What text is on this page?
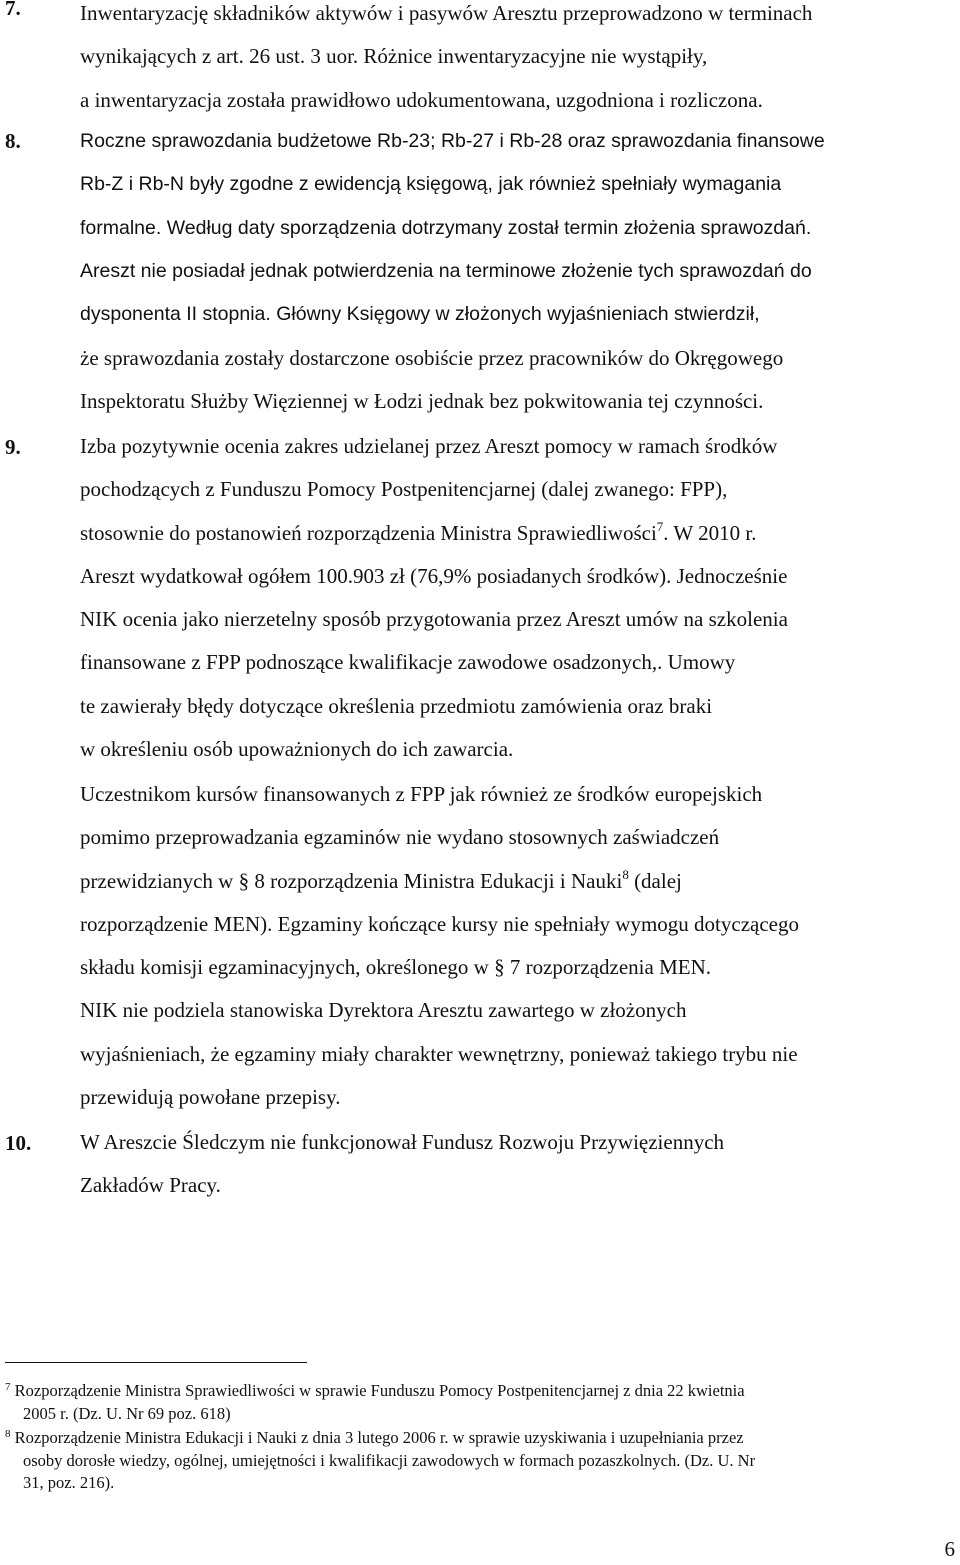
7.	Inwentaryzację składników aktywów i pasywów Aresztu przeprowadzono w terminach
wynikających z art. 26 ust. 3 uor. Różnice inwentaryzacyjne nie wystąpiły,
a inwentaryzacja została prawidłowo udokumentowana, uzgodniona i rozliczona.
8.	Roczne sprawozdania budżetowe Rb-23; Rb-27 i Rb-28 oraz sprawozdania finansowe
Rb-Z i Rb-N były zgodne z ewidencją księgową, jak również spełniały wymagania
formalne. Według daty sporządzenia dotrzymany został termin złożenia sprawozdań.
Areszt nie posiadał jednak potwierdzenia na terminowe złożenie tych sprawozdań do
dysponenta II stopnia. Główny Księgowy w złożonych wyjaśnieniach stwierdził,
że sprawozdania zostały dostarczone osobiście przez pracowników do Okręgowego
Inspektoratu Służby Więziennej w Łodzi jednak bez pokwitowania tej czynności.
9.	Izba pozytywnie ocenia zakres udzielanej przez Areszt pomocy w ramach środków
pochodzących z Funduszu Pomocy Postpenitencjarnej (dalej zwanego: FPP),
stosownie do postanowień rozporządzenia Ministra Sprawiedliwości$^7$. W 2010 r.
Areszt wydatkował ogółem 100.903 zł (76,9% posiadanych środków). Jednocześnie
NIK ocenia jako nierzetelny sposób przygotowania przez Areszt umów na szkolenia
finansowane z FPP podnoszące kwalifikacje zawodowe osadzonych,. Umowy
te zawierały błędy dotyczące określenia przedmiotu zamówienia oraz braki
w określeniu osób upoważnionych do ich zawarcia.
Uczestnikom kursów finansowanych z FPP jak również ze środków europejskich
pomimo przeprowadzania egzaminów nie wydano stosownych zaświadczeń
przewidzianych w § 8 rozporządzenia Ministra Edukacji i Nauki$^8$ (dalej
rozporządzenie MEN). Egzaminy kończące kursy nie spełniały wymogu dotyczącego
składu komisji egzaminacyjnych, określonego w § 7 rozporządzenia MEN.
NIK nie podziela stanowiska Dyrektora Aresztu zawartego w złożonych
wyjaśnieniach, że egzaminy miały charakter wewnętrzny, ponieważ takiego trybu nie
przewidują powołane przepisy.
10. W Areszcie Śledczym nie funkcjonował Fundusz Rozwoju Przywięziennych
Zakładów Pracy.
$^7$ Rozporządzenie Ministra Sprawiedliwości w sprawie Funduszu Pomocy Postpenitencjarnej z dnia 22 kwietnia
2005 r. (Dz. U. Nr 69 poz. 618)
$^8$ Rozporządzenie Ministra Edukacji i Nauki z dnia 3 lutego 2006 r. w sprawie uzyskiwania i uzupełniania przez
osoby dorosłe wiedzy, ogólnej, umiejętności i kwalifikacji zawodowych w formach pozaszkolnych. (Dz. U. Nr
31, poz. 216).
6
